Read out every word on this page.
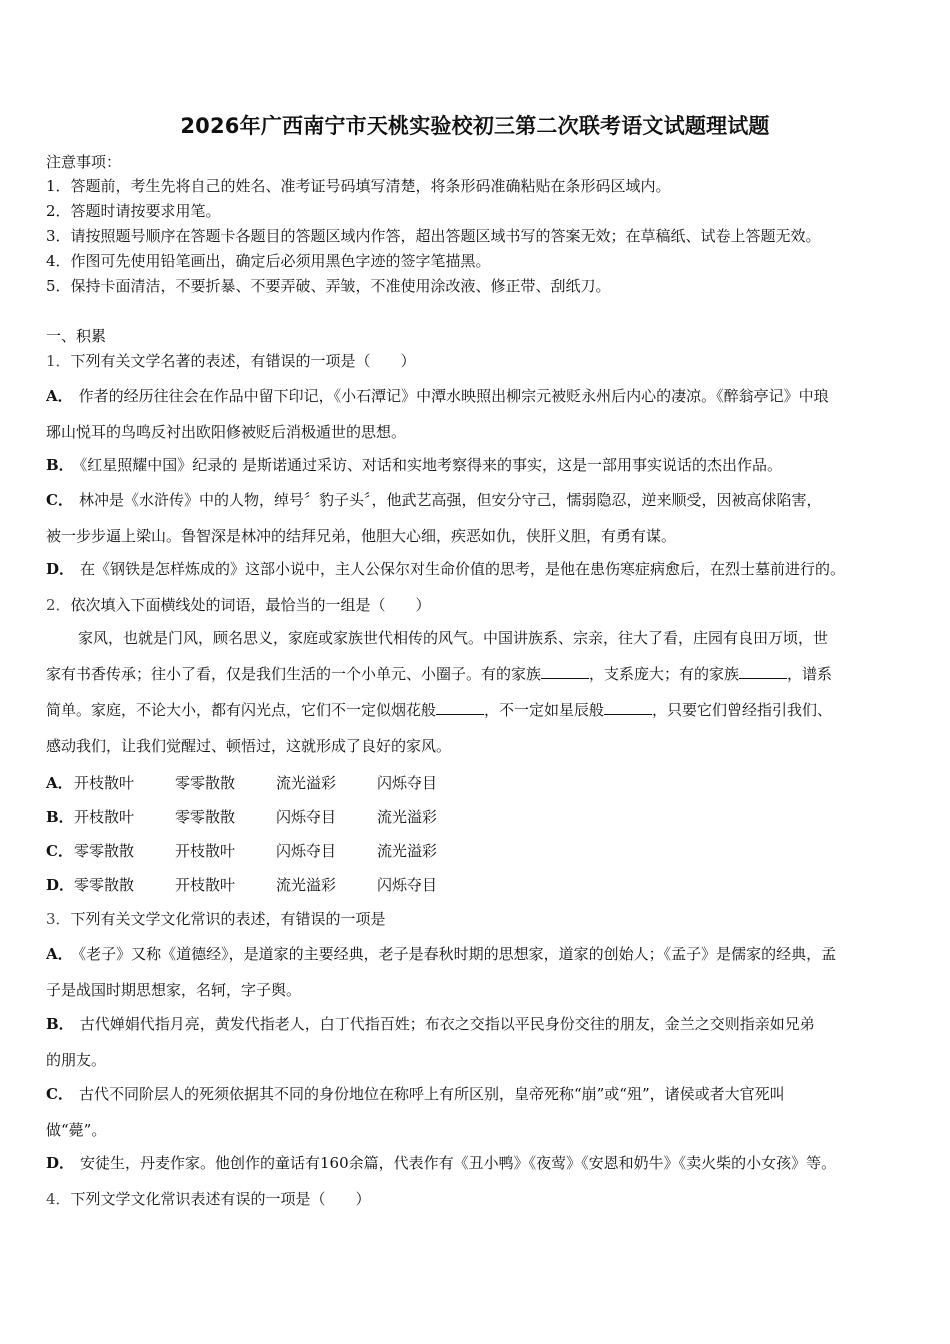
2026年广西南宁市天桃实验校初三第二次联考语文试题理试题
注意事项：
1．答题前，考生先将自己的姓名、准考证号码填写清楚，将条形码准确粘贴在条形码区域内。
2．答题时请按要求用笔。
3．请按照题号顺序在答题卡各题目的答题区域内作答，超出答题区域书写的答案无效；在草稿纸、试卷上答题无效。
4．作图可先使用铅笔画出，确定后必须用黑色字迹的签字笔描黑。
5．保持卡面清洁，不要折暴、不要弄破、弄皱，不准使用涂改液、修正带、刮纸刀。
一、积累
1．下列有关文学名著的表述，有错误的一项是（　　）
A． 作者的经历往往会在作品中留下印记，《小石潭记》中潭水映照出柳宗元被贬永州后内心的凄凉。《醉翁亭记》中琅
琊山悦耳的鸟鸣反衬出欧阳修被贬后消极遁世的思想。
B． 《红星照耀中国》纪录的 是斯诺通过采访、对话和实地考察得来的事实，这是一部用事实说话的杰出作品。
C． 林冲是《水浒传》中的人物，绰号〞豹子头〞，他武艺高强，但安分守己，懦弱隐忍，逆来顺受，因被高俅陷害，
被一步步逼上梁山。鲁智深是林冲的结拜兄弟，他胆大心细，疾恶如仇，侠肝义胆，有勇有谋。
D． 在《钢铁是怎样炼成的》这部小说中，主人公保尔对生命价值的思考，是他在患伤寒症病愈后，在烈士墓前进行的。
2．依次填入下面横线处的词语，最恰当的一组是（　　）
家风，也就是门风，顾名思义，家庭或家族世代相传的风气。中国讲族系、宗亲，往大了看，庄园有良田万顷，世
家有书香传承；往小了看，仅是我们生活的一个小单元、小圈子。有的家族	，支系庞大；有的家族	，谱系
简单。家庭，不论大小，都有闪光点，它们不一定似烟花般	，不一定如星辰般	，只要它们曾经指引我们、
感动我们，让我们觉醒过、顿悟过，这就形成了良好的家风。
A．开枝散叶	零零散散	流光溢彩	闪烁夺目
B．开枝散叶	零零散散	闪烁夺目	流光溢彩
C．零零散散	开枝散叶	闪烁夺目	流光溢彩
D．零零散散	开枝散叶	流光溢彩	闪烁夺目
3．下列有关文学文化常识的表述，有错误的一项是
A． 《老子》又称《道德经》，是道家的主要经典，老子是春秋时期的思想家，道家的创始人；《孟子》是儒家的经典，孟
子是战国时期思想家，名轲，字子舆。
B． 古代婵娟代指月亮，黄发代指老人，白丁代指百姓；布衣之交指以平民身份交往的朋友，金兰之交则指亲如兄弟
的朋友。
C． 古代不同阶层人的死须依据其不同的身份地位在称呼上有所区别，皇帝死称“崩”或“殂”，诸侯或者大官死叫
做“薨”。
D． 安徒生，丹麦作家。他创作的童话有160余篇，代表作有《丑小鸭》《夜莺》《安恩和奶牛》《卖火柴的小女孩》等。
4．下列文学文化常识表述有误的一项是（　　）
